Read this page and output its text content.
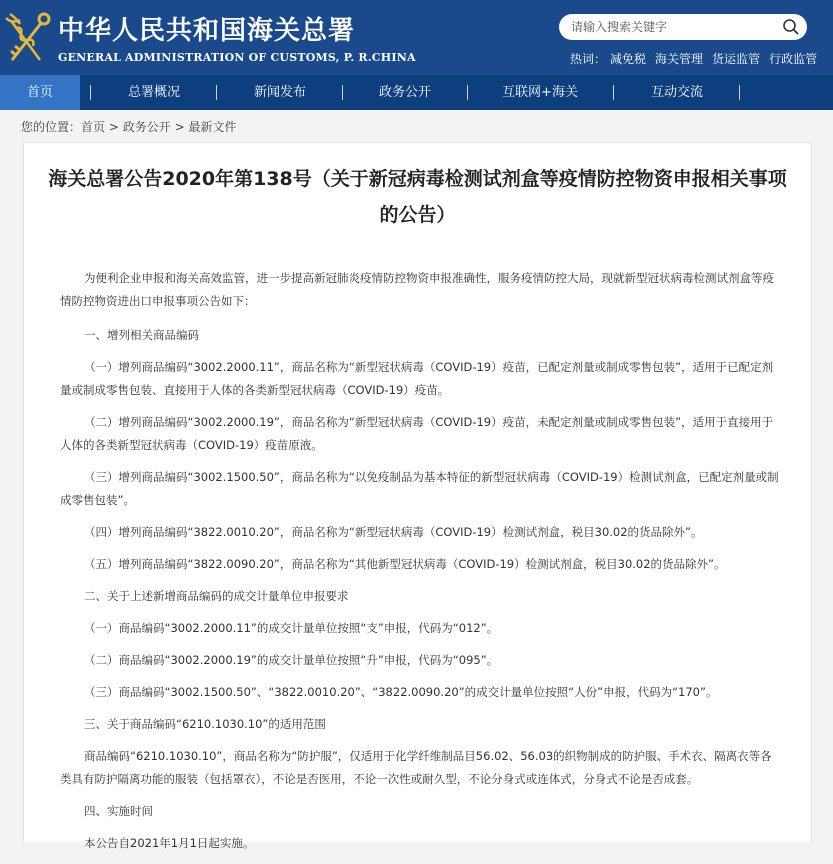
中华人民共和国海关总署
GENERAL ADMINISTRATION OF CUSTOMS, P. R.CHINA
请输入搜索关键字	热词： 减免税 海关管理 货运监管 行政监管
首页	总署概况	新闻发布	政务公开	互联网+海关	互动交流
您的位置：首页 > 政务公开 > 最新文件
海关总署公告2020年第138号（关于新冠病毒检测试剂盒等疫情防控物资申报相关事项的公告）

为便利企业申报和海关高效监管，进一步提高新冠肺炎疫情防控物资申报准确性，服务疫情防控大局，现就新型冠状病毒检测试剂盒等疫情防控物资进出口申报事项公告如下：

一、增列相关商品编码

（一）增列商品编码“3002.2000.11”，商品名称为“新型冠状病毒（COVID-19）疫苗，已配定剂量或制成零售包装”，适用于已配定剂量或制成零售包装、直接用于人体的各类新型冠状病毒（COVID-19）疫苗。

（二）增列商品编码“3002.2000.19”，商品名称为“新型冠状病毒（COVID-19）疫苗，未配定剂量或制成零售包装”，适用于直接用于人体的各类新型冠状病毒（COVID-19）疫苗原液。

（三）增列商品编码“3002.1500.50”，商品名称为“以免疫制品为基本特征的新型冠状病毒（COVID-19）检测试剂盒，已配定剂量或制成零售包装”。

（四）增列商品编码“3822.0010.20”，商品名称为“新型冠状病毒（COVID-19）检测试剂盒，税目30.02的货品除外”。

（五）增列商品编码“3822.0090.20”，商品名称为“其他新型冠状病毒（COVID-19）检测试剂盒，税目30.02的货品除外”。

二、关于上述新增商品编码的成交计量单位申报要求

（一）商品编码“3002.2000.11”的成交计量单位按照“支”申报，代码为“012”。

（二）商品编码“3002.2000.19”的成交计量单位按照“升”申报，代码为“095”。

（三）商品编码“3002.1500.50”、“3822.0010.20”、“3822.0090.20”的成交计量单位按照“人份”申报，代码为“170”。

三、关于商品编码“6210.1030.10”的适用范围

商品编码“6210.1030.10”，商品名称为“防护服”，仅适用于化学纤维制品目56.02、56.03的织物制成的防护服、手术衣、隔离衣等各类具有防护隔离功能的服装（包括罩衣），不论是否医用，不论一次性或耐久型，不论分身式或连体式，分身式不论是否成套。

四、实施时间

本公告自2021年1月1日起实施。
